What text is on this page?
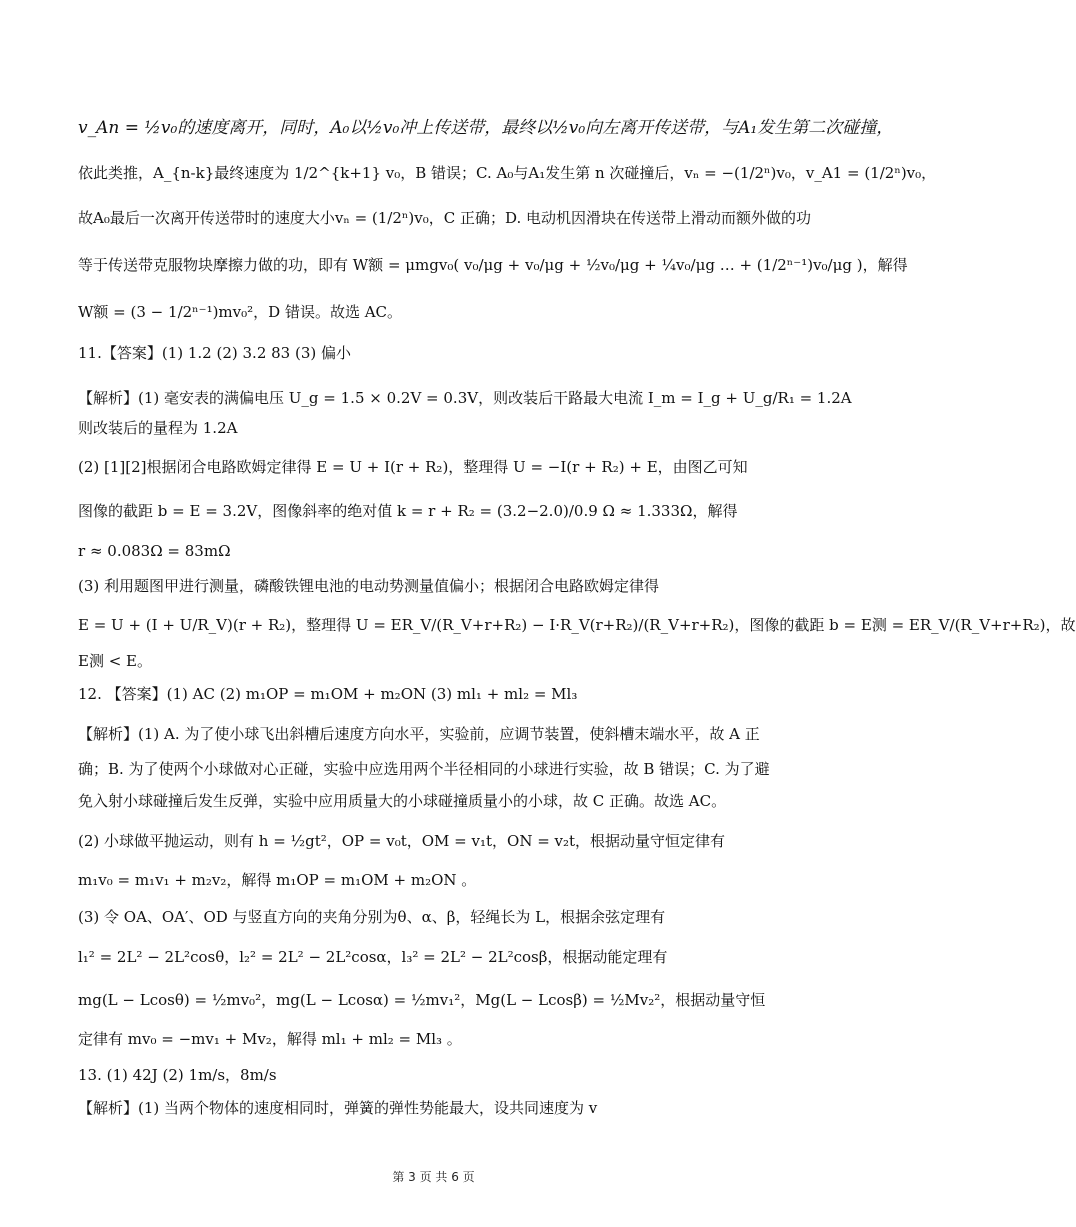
v_An = ½v₀的速度离开，同时，A₀以½v₀冲上传送带，最终以½v₀向左离开传送带，与A₁发生第二次碰撞，
依此类推，A_{n-k}最终速度为 1/2^{k+1} v₀，B 错误；C. A₀与A₁发生第 n 次碰撞后，vₙ = −(1/2ⁿ)v₀，v_A1 = (1/2ⁿ)v₀，
故A₀最后一次离开传送带时的速度大小vₙ = (1/2ⁿ)v₀，C 正确；D. 电动机因滑块在传送带上滑动而额外做的功
等于传送带克服物块摩擦力做的功，即有 W额 = μmgv₀( v₀/μg + v₀/μg + ½v₀/μg + ¼v₀/μg … + (1/2ⁿ⁻¹)v₀/μg )，解得
W额 = (3 − 1/2ⁿ⁻¹)mv₀²，D 错误。故选 AC。
11.【答案】(1) 1.2 (2) 3.2 83 (3) 偏小
【解析】(1) 毫安表的满偏电压 U_g = 1.5 × 0.2V = 0.3V，则改装后干路最大电流 I_m = I_g + U_g/R₁ = 1.2A
则改装后的量程为 1.2A
(2) [1][2]根据闭合电路欧姆定律得 E = U + I(r + R₂)，整理得 U = −I(r + R₂) + E，由图乙可知
图像的截距 b = E = 3.2V，图像斜率的绝对值 k = r + R₂ = (3.2−2.0)/0.9 Ω ≈ 1.333Ω，解得
r ≈ 0.083Ω = 83mΩ
(3) 利用题图甲进行测量，磷酸铁锂电池的电动势测量值偏小；根据闭合电路欧姆定律得
E = U + (I + U/R_V)(r + R₂)，整理得 U = ER_V/(R_V+r+R₂) − I·R_V(r+R₂)/(R_V+r+R₂)，图像的截距 b = E测 = ER_V/(R_V+r+R₂)，故
E测 < E。
12. 【答案】(1) AC (2) m₁OP = m₁OM + m₂ON (3) ml₁ + ml₂ = Ml₃
【解析】(1) A. 为了使小球飞出斜槽后速度方向水平，实验前，应调节装置，使斜槽末端水平，故 A 正
确；B. 为了使两个小球做对心正碰，实验中应选用两个半径相同的小球进行实验，故 B 错误；C. 为了避
免入射小球碰撞后发生反弹，实验中应用质量大的小球碰撞质量小的小球，故 C 正确。故选 AC。
(2) 小球做平抛运动，则有 h = ½gt²，OP = v₀t，OM = v₁t，ON = v₂t，根据动量守恒定律有
m₁v₀ = m₁v₁ + m₂v₂，解得 m₁OP = m₁OM + m₂ON 。
(3) 令 OA、OA′、OD 与竖直方向的夹角分别为θ、α、β，轻绳长为 L，根据余弦定理有
l₁² = 2L² − 2L²cosθ，l₂² = 2L² − 2L²cosα，l₃² = 2L² − 2L²cosβ，根据动能定理有
mg(L − Lcosθ) = ½mv₀²，mg(L − Lcosα) = ½mv₁²，Mg(L − Lcosβ) = ½Mv₂²，根据动量守恒
定律有 mv₀ = −mv₁ + Mv₂，解得 ml₁ + ml₂ = Ml₃ 。
13. (1) 42J (2) 1m/s，8m/s
【解析】(1) 当两个物体的速度相同时，弹簧的弹性势能最大，设共同速度为 v
第 3 页 共 6 页
